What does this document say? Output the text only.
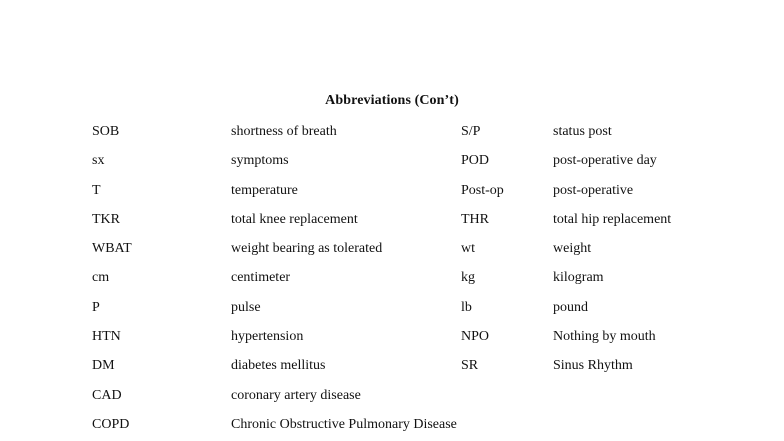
Abbreviations (Con’t)
SOB	shortness of breath	S/P	status post
sx	symptoms	POD	post-operative day
T	temperature	Post-op	post-operative
TKR	total knee replacement	THR	total hip replacement
WBAT	weight bearing as tolerated	wt	weight
cm	centimeter	kg	kilogram
P	pulse	lb	pound
HTN	hypertension	NPO	Nothing by mouth
DM	diabetes mellitus	SR	Sinus Rhythm
CAD	coronary artery disease
COPD	Chronic Obstructive Pulmonary Disease
